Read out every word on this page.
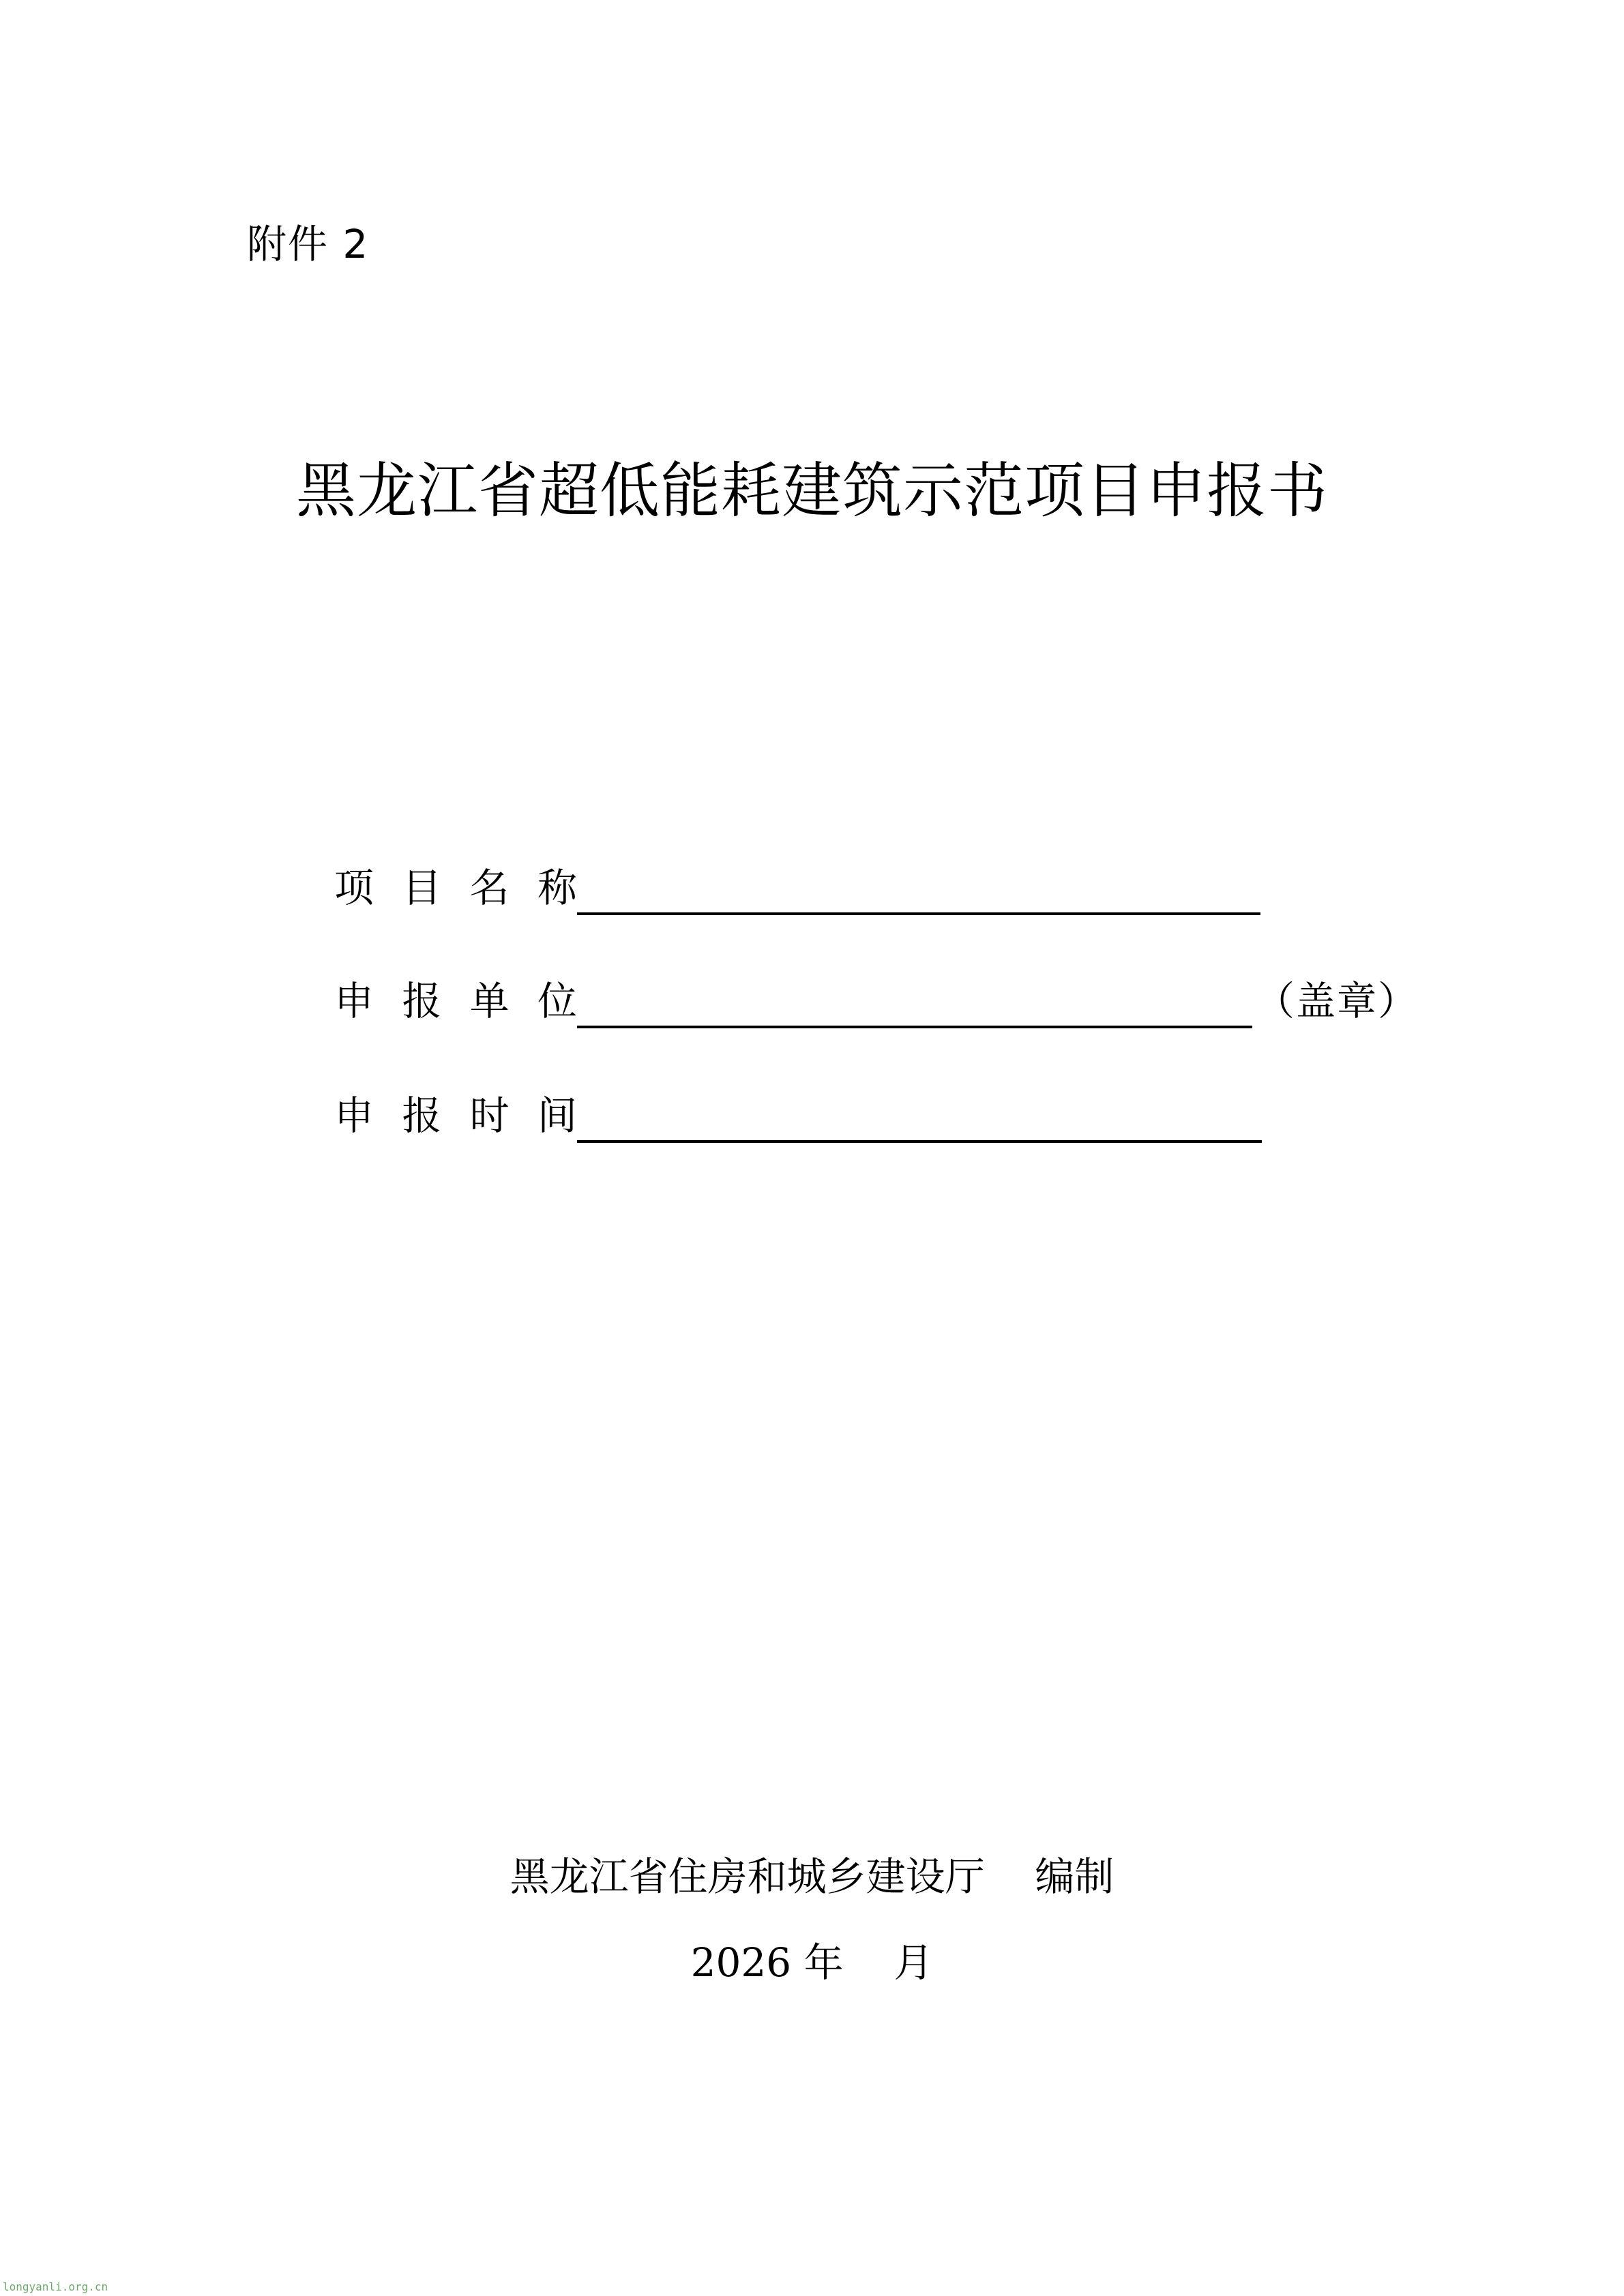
附件 2
黑龙江省超低能耗建筑示范项目申报书
项 目 名 称
申 报 单 位	（盖章）
申 报 时 间
黑龙江省住房和城乡建设厅    编制
2026 年    月
longyanli.org.cn
